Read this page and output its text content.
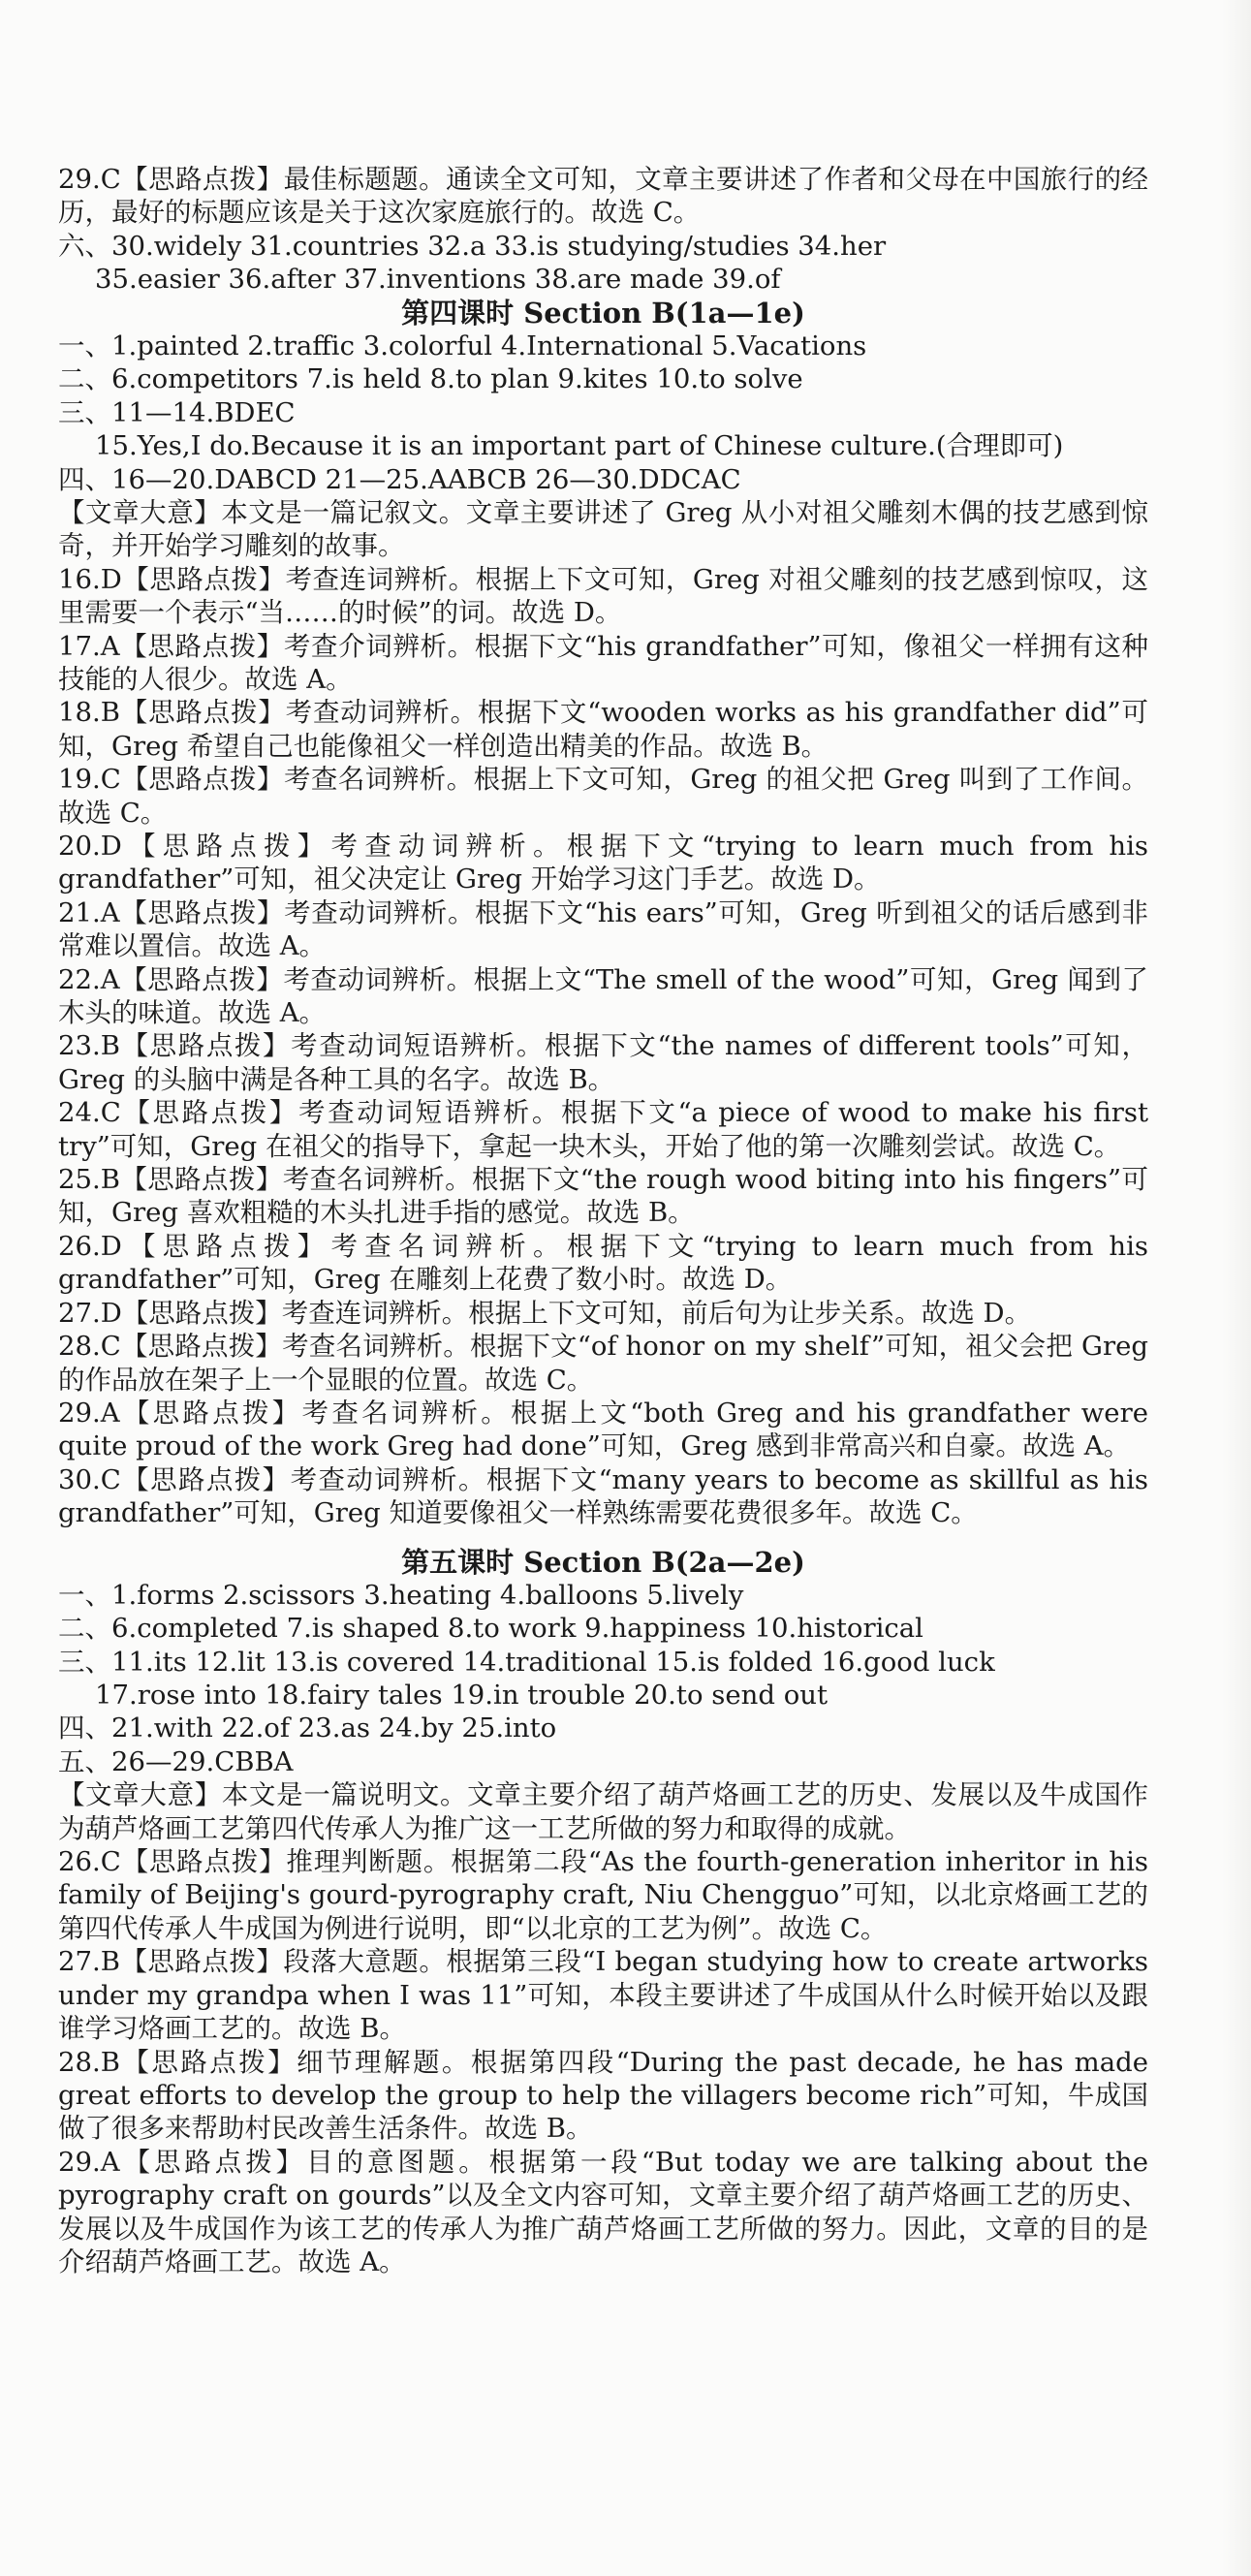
29.C【思路点拨】最佳标题题。通读全文可知，文章主要讲述了作者和父母在中国旅行的经历，最好的标题应该是关于这次家庭旅行的。故选 C。
六、30.widely 31.countries 32.a 33.is studying/studies 34.her
35.easier 36.after 37.inventions 38.are made 39.of
第四课时 Section B(1a—1e)
一、1.painted 2.traffic 3.colorful 4.International 5.Vacations
二、6.competitors 7.is held 8.to plan 9.kites 10.to solve
三、11—14.BDEC
15.Yes,I do.Because it is an important part of Chinese culture.(合理即可)
四、16—20.DABCD 21—25.AABCB 26—30.DDCAC
【文章大意】本文是一篇记叙文。文章主要讲述了 Greg 从小对祖父雕刻木偶的技艺感到惊奇，并开始学习雕刻的故事。
16.D【思路点拨】考查连词辨析。根据上下文可知，Greg 对祖父雕刻的技艺感到惊叹，这里需要一个表示“当……的时候”的词。故选 D。
17.A【思路点拨】考查介词辨析。根据下文“his grandfather”可知，像祖父一样拥有这种技能的人很少。故选 A。
18.B【思路点拨】考查动词辨析。根据下文“wooden works as his grandfather did”可知，Greg 希望自己也能像祖父一样创造出精美的作品。故选 B。
19.C【思路点拨】考查名词辨析。根据上下文可知，Greg 的祖父把 Greg 叫到了工作间。故选 C。
20.D【思路点拨】考查动词辨析。根据下文“trying to learn much from his grandfather”可知，祖父决定让 Greg 开始学习这门手艺。故选 D。
21.A【思路点拨】考查动词辨析。根据下文“his ears”可知，Greg 听到祖父的话后感到非常难以置信。故选 A。
22.A【思路点拨】考查动词辨析。根据上文“The smell of the wood”可知，Greg 闻到了木头的味道。故选 A。
23.B【思路点拨】考查动词短语辨析。根据下文“the names of different tools”可知，Greg 的头脑中满是各种工具的名字。故选 B。
24.C【思路点拨】考查动词短语辨析。根据下文“a piece of wood to make his first try”可知，Greg 在祖父的指导下，拿起一块木头，开始了他的第一次雕刻尝试。故选 C。
25.B【思路点拨】考查名词辨析。根据下文“the rough wood biting into his fingers”可知，Greg 喜欢粗糙的木头扎进手指的感觉。故选 B。
26.D【思路点拨】考查名词辨析。根据下文“trying to learn much from his grandfather”可知，Greg 在雕刻上花费了数小时。故选 D。
27.D【思路点拨】考查连词辨析。根据上下文可知，前后句为让步关系。故选 D。
28.C【思路点拨】考查名词辨析。根据下文“of honor on my shelf”可知，祖父会把 Greg 的作品放在架子上一个显眼的位置。故选 C。
29.A【思路点拨】考查名词辨析。根据上文“both Greg and his grandfather were quite proud of the work Greg had done”可知，Greg 感到非常高兴和自豪。故选 A。
30.C【思路点拨】考查动词辨析。根据下文“many years to become as skillful as his grandfather”可知，Greg 知道要像祖父一样熟练需要花费很多年。故选 C。
第五课时 Section B(2a—2e)
一、1.forms 2.scissors 3.heating 4.balloons 5.lively
二、6.completed 7.is shaped 8.to work 9.happiness 10.historical
三、11.its 12.lit 13.is covered 14.traditional 15.is folded 16.good luck
17.rose into 18.fairy tales 19.in trouble 20.to send out
四、21.with 22.of 23.as 24.by 25.into
五、26—29.CBBA
【文章大意】本文是一篇说明文。文章主要介绍了葫芦烙画工艺的历史、发展以及牛成国作为葫芦烙画工艺第四代传承人为推广这一工艺所做的努力和取得的成就。
26.C【思路点拨】推理判断题。根据第二段“As the fourth-generation inheritor in his family of Beijing's gourd-pyrography craft, Niu Chengguo”可知，以北京烙画工艺的第四代传承人牛成国为例进行说明，即“以北京的工艺为例”。故选 C。
27.B【思路点拨】段落大意题。根据第三段“I began studying how to create artworks under my grandpa when I was 11”可知，本段主要讲述了牛成国从什么时候开始以及跟谁学习烙画工艺的。故选 B。
28.B【思路点拨】细节理解题。根据第四段“During the past decade, he has made great efforts to develop the group to help the villagers become rich”可知，牛成国做了很多来帮助村民改善生活条件。故选 B。
29.A【思路点拨】目的意图题。根据第一段“But today we are talking about the pyrography craft on gourds”以及全文内容可知，文章主要介绍了葫芦烙画工艺的历史、发展以及牛成国作为该工艺的传承人为推广葫芦烙画工艺所做的努力。因此，文章的目的是介绍葫芦烙画工艺。故选 A。
